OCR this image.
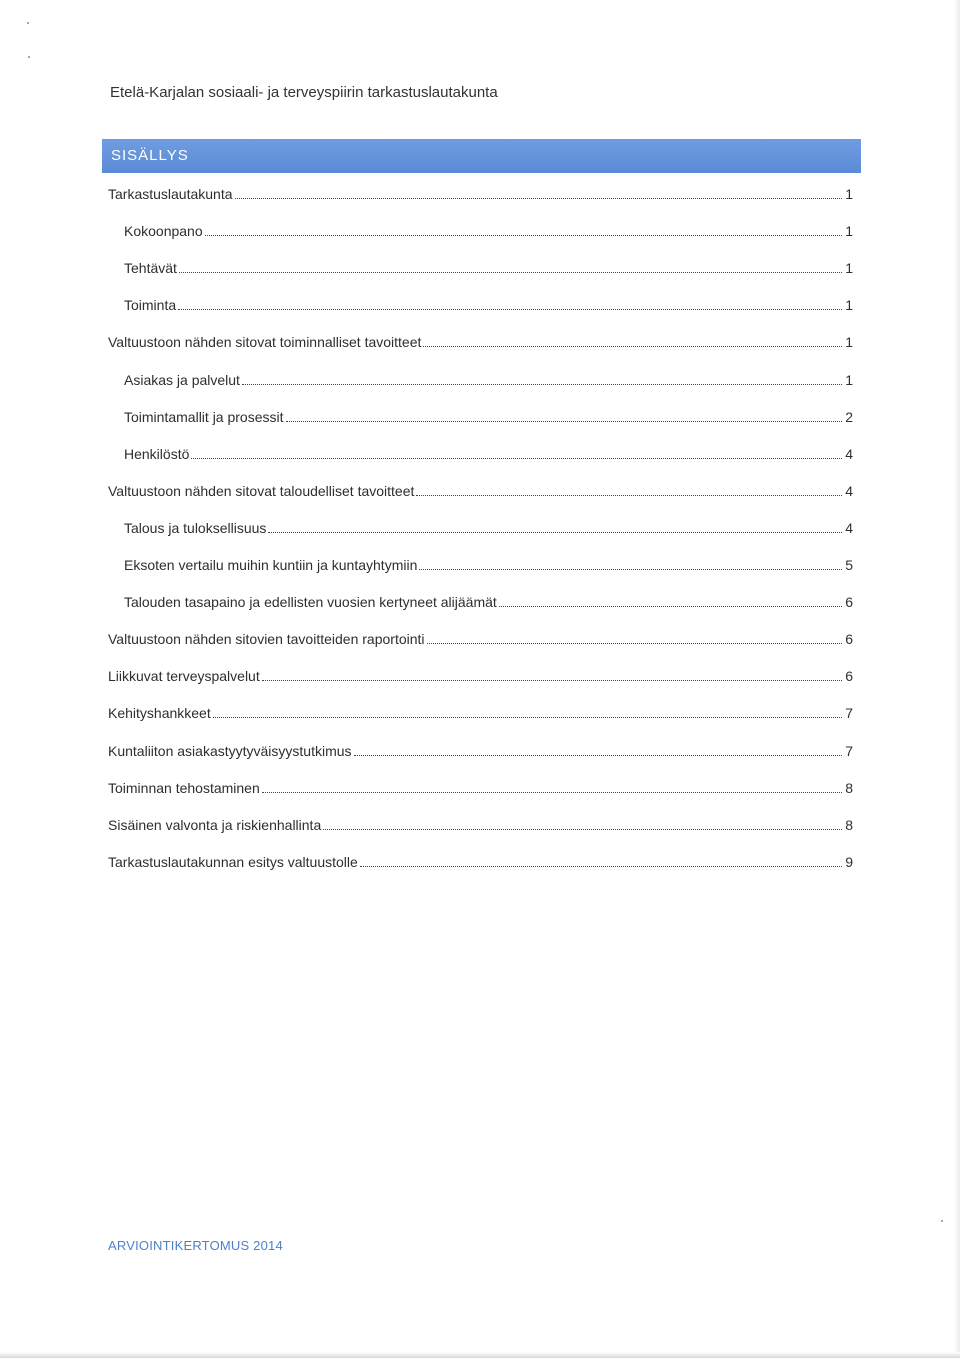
Etelä-Karjalan sosiaali- ja terveyspiirin tarkastuslautakunta
SISÄLLYS
Tarkastuslautakunta	1
Kokoonpano	1
Tehtävät	1
Toiminta	1
Valtuustoon nähden sitovat toiminnalliset tavoitteet	1
Asiakas ja palvelut	1
Toimintamallit ja prosessit	2
Henkilöstö	4
Valtuustoon nähden sitovat taloudelliset tavoitteet	4
Talous ja tuloksellisuus	4
Eksoten vertailu muihin kuntiin ja kuntayhtymiin	5
Talouden tasapaino ja edellisten vuosien kertyneet alijäämät	6
Valtuustoon nähden sitovien tavoitteiden raportointi	6
Liikkuvat terveyspalvelut	6
Kehityshankkeet	7
Kuntaliiton asiakastyytyväisyystutkimus	7
Toiminnan tehostaminen	8
Sisäinen valvonta ja riskienhallinta	8
Tarkastuslautakunnan esitys valtuustolle	9
ARVIOINTIKERTOMUS 2014
